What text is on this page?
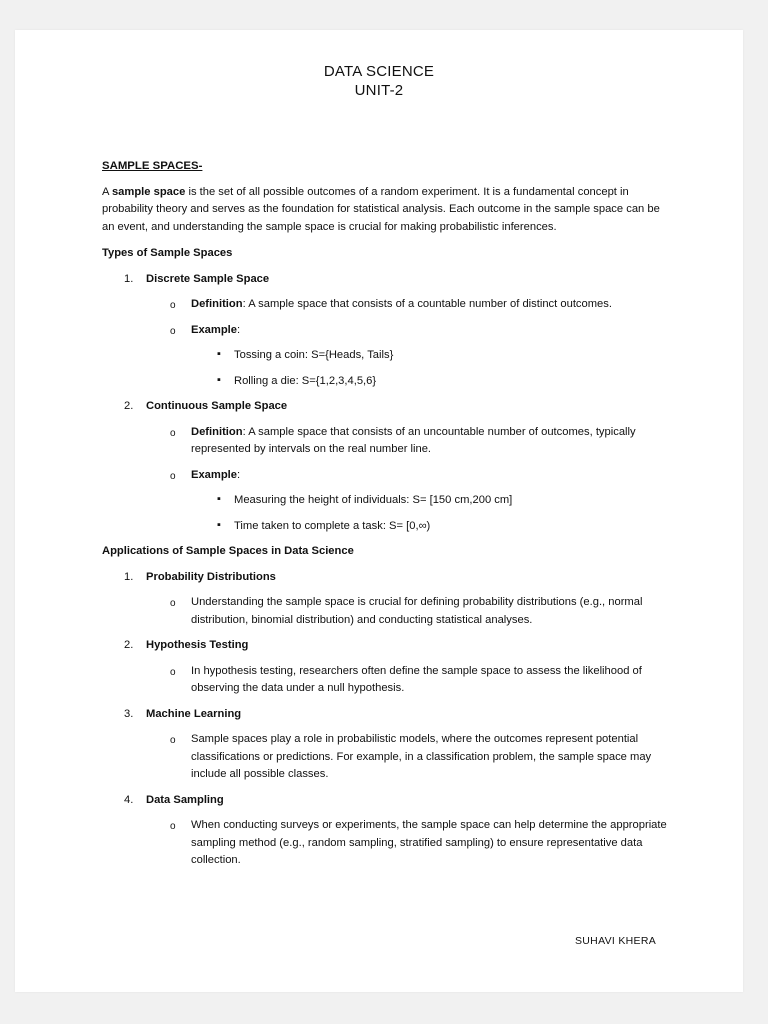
DATA SCIENCE
UNIT-2
SAMPLE SPACES-

A sample space is the set of all possible outcomes of a random experiment. It is a fundamental concept in probability theory and serves as the foundation for statistical analysis. Each outcome in the sample space can be an event, and understanding the sample space is crucial for making probabilistic inferences.

Types of Sample Spaces
1. Discrete Sample Space
o Definition: A sample space that consists of a countable number of distinct outcomes.
o Example:
▪ Tossing a coin: S={Heads, Tails}
▪ Rolling a die: S={1,2,3,4,5,6}
2. Continuous Sample Space
o Definition: A sample space that consists of an uncountable number of outcomes, typically represented by intervals on the real number line.
o Example:
▪ Measuring the height of individuals: S= [150 cm,200 cm]
▪ Time taken to complete a task: S= [0,∞)
Applications of Sample Spaces in Data Science
1. Probability Distributions
o Understanding the sample space is crucial for defining probability distributions (e.g., normal distribution, binomial distribution) and conducting statistical analyses.
2. Hypothesis Testing
o In hypothesis testing, researchers often define the sample space to assess the likelihood of observing the data under a null hypothesis.
3. Machine Learning
o Sample spaces play a role in probabilistic models, where the outcomes represent potential classifications or predictions. For example, in a classification problem, the sample space may include all possible classes.
4. Data Sampling
o When conducting surveys or experiments, the sample space can help determine the appropriate sampling method (e.g., random sampling, stratified sampling) to ensure representative data collection.
SUHAVI KHERA
